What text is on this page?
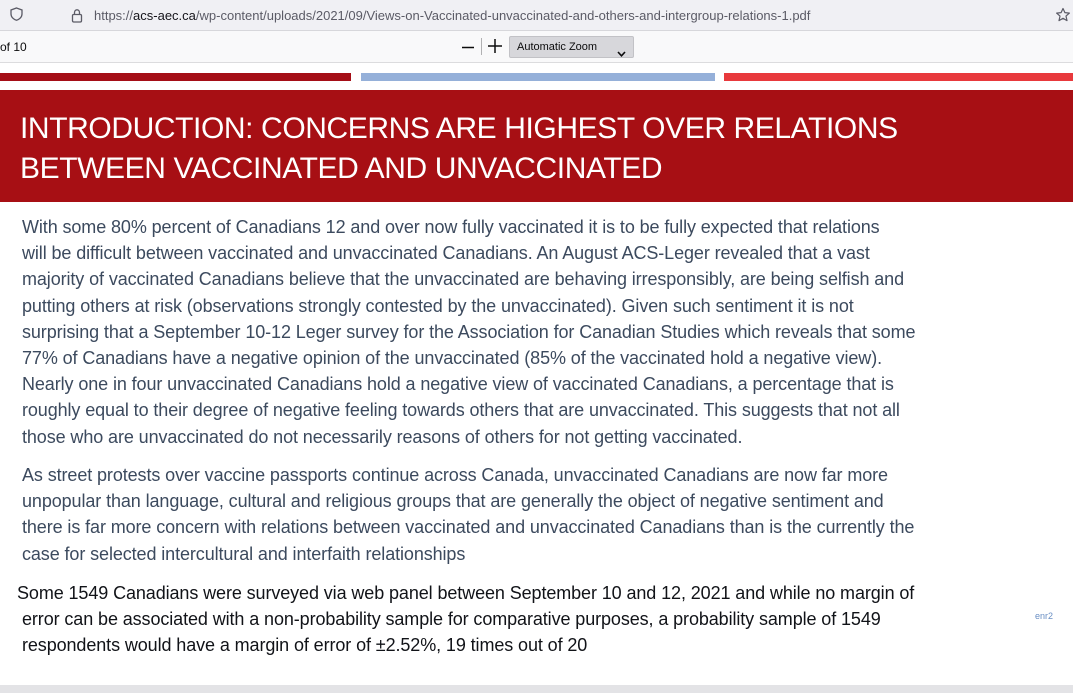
https://acs-aec.ca/wp-content/uploads/2021/09/Views-on-Vaccinated-unvaccinated-and-others-and-intergroup-relations-1.pdf
of 10	Automatic Zoom
INTRODUCTION: CONCERNS ARE HIGHEST OVER RELATIONS
BETWEEN VACCINATED AND UNVACCINATED
With some 80% percent of Canadians 12 and over now fully vaccinated it is to be fully expected that relations
will be difficult between vaccinated and unvaccinated Canadians. An August ACS-Leger revealed that a vast
majority of vaccinated Canadians believe that the unvaccinated are behaving irresponsibly, are being selfish and
putting others at risk (observations strongly contested by the unvaccinated). Given such sentiment it is not
surprising that a September 10-12 Leger survey for the Association for Canadian Studies which reveals that some
77% of Canadians have a negative opinion of the unvaccinated (85% of the vaccinated hold a negative view).
Nearly one in four unvaccinated Canadians hold a negative view of vaccinated Canadians, a percentage that is
roughly equal to their degree of negative feeling towards others that are unvaccinated. This suggests that not all
those who are unvaccinated do not necessarily reasons of others for not getting vaccinated.
As street protests over vaccine passports continue across Canada, unvaccinated Canadians are now far more
unpopular than language, cultural and religious groups that are generally the object of negative sentiment and
there is far more concern with relations between vaccinated and unvaccinated Canadians than is the currently the
case for selected intercultural and interfaith relationships
Some 1549 Canadians were surveyed via web panel between September 10 and 12, 2021 and while no margin of
error can be associated with a non-probability sample for comparative purposes, a probability sample of 1549
respondents would have a margin of error of ±2.52%, 19 times out of 20
enr2
